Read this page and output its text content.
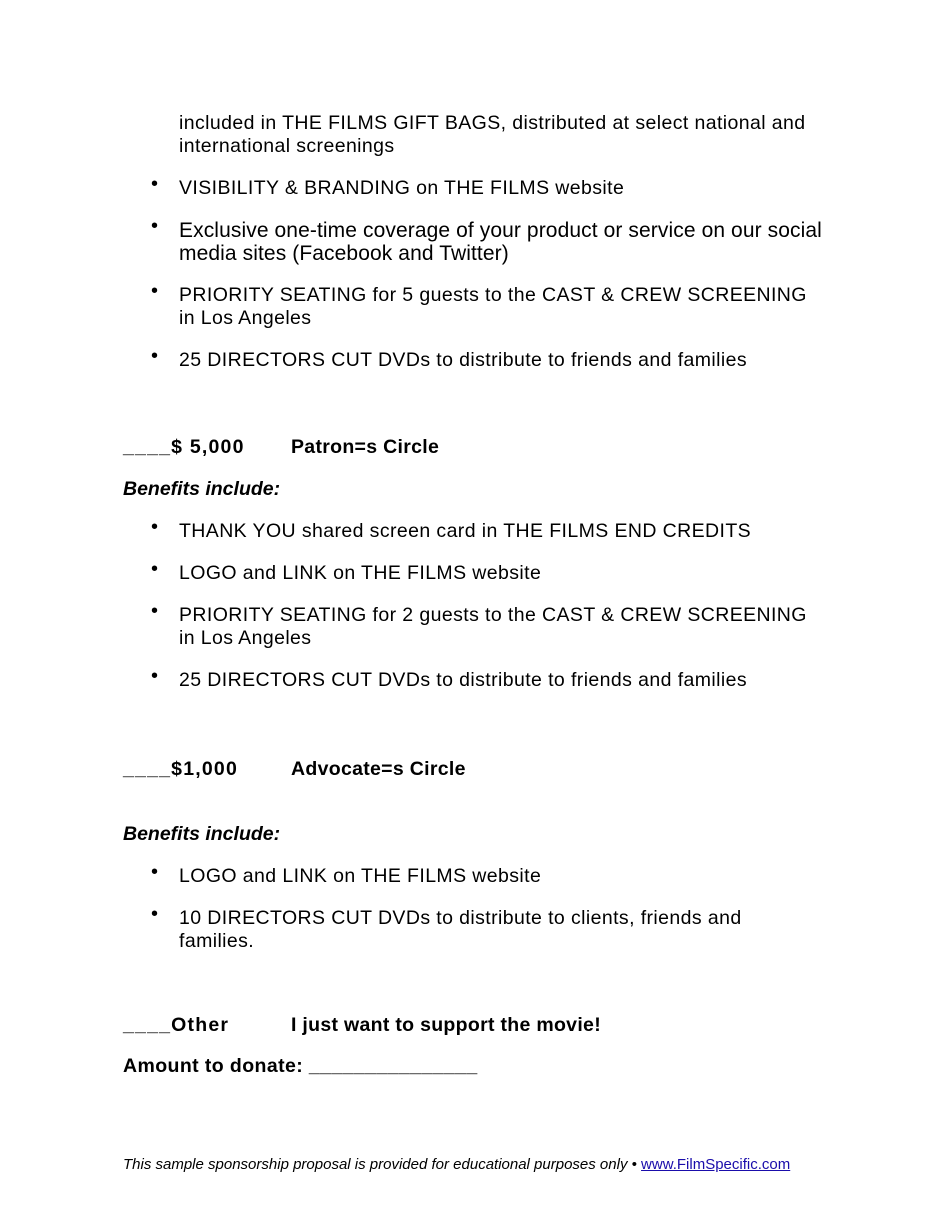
included in THE FILMS GIFT BAGS, distributed at select national and international screenings
• VISIBILITY & BRANDING on THE FILMS website
• Exclusive one-time coverage of your product or service on our social media sites (Facebook and Twitter)
• PRIORITY SEATING for 5 guests to the CAST & CREW SCREENING in Los Angeles
• 25 DIRECTORS CUT DVDs to distribute to friends and families
____$ 5,000 Patron=s Circle
Benefits include:
• THANK YOU shared screen card in THE FILMS END CREDITS
• LOGO and LINK on THE FILMS website
• PRIORITY SEATING for 2 guests to the CAST & CREW SCREENING in Los Angeles
• 25 DIRECTORS CUT DVDs to distribute to friends and families
____$1,000	Advocate=s Circle
Benefits include:
• LOGO and LINK on THE FILMS website
• 10 DIRECTORS CUT DVDs to distribute to clients, friends and families.
____Other	I just want to support the movie!
Amount to donate: _______________
This sample sponsorship proposal is provided for educational purposes only • www.FilmSpecific.com
